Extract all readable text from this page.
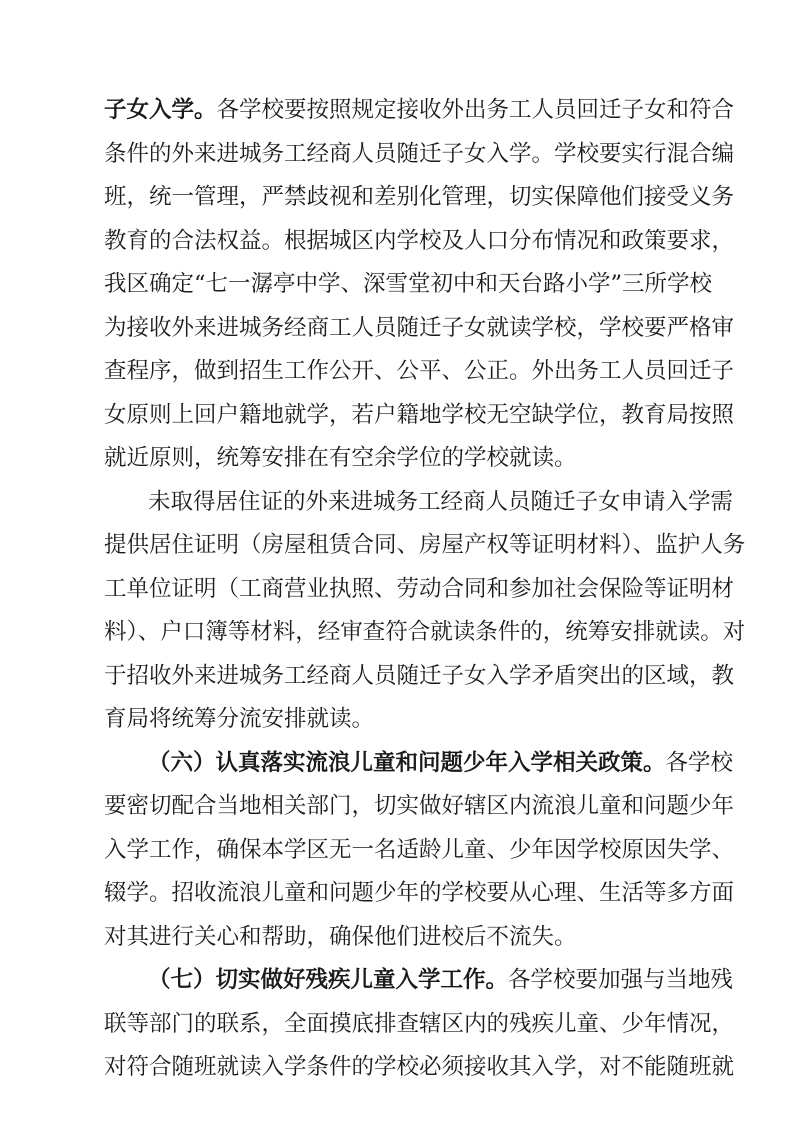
子女入学。各学校要按照规定接收外出务工人员回迁子女和符合
条件的外来进城务工经商人员随迁子女入学。学校要实行混合编
班，统一管理，严禁歧视和差别化管理，切实保障他们接受义务
教育的合法权益。根据城区内学校及人口分布情况和政策要求，
我区确定“七一潺亭中学、深雪堂初中和天台路小学”三所学校
为接收外来进城务经商工人员随迁子女就读学校，学校要严格审
查程序，做到招生工作公开、公平、公正。外出务工人员回迁子
女原则上回户籍地就学，若户籍地学校无空缺学位，教育局按照
就近原则，统筹安排在有空余学位的学校就读。
未取得居住证的外来进城务工经商人员随迁子女申请入学需
提供居住证明（房屋租赁合同、房屋产权等证明材料）、监护人务
工单位证明（工商营业执照、劳动合同和参加社会保险等证明材
料）、户口簿等材料，经审查符合就读条件的，统筹安排就读。对
于招收外来进城务工经商人员随迁子女入学矛盾突出的区域，教
育局将统筹分流安排就读。
（六）认真落实流浪儿童和问题少年入学相关政策。各学校
要密切配合当地相关部门，切实做好辖区内流浪儿童和问题少年
入学工作，确保本学区无一名适龄儿童、少年因学校原因失学、
辍学。招收流浪儿童和问题少年的学校要从心理、生活等多方面
对其进行关心和帮助，确保他们进校后不流失。
（七）切实做好残疾儿童入学工作。各学校要加强与当地残
联等部门的联系，全面摸底排查辖区内的残疾儿童、少年情况，
对符合随班就读入学条件的学校必须接收其入学，对不能随班就
